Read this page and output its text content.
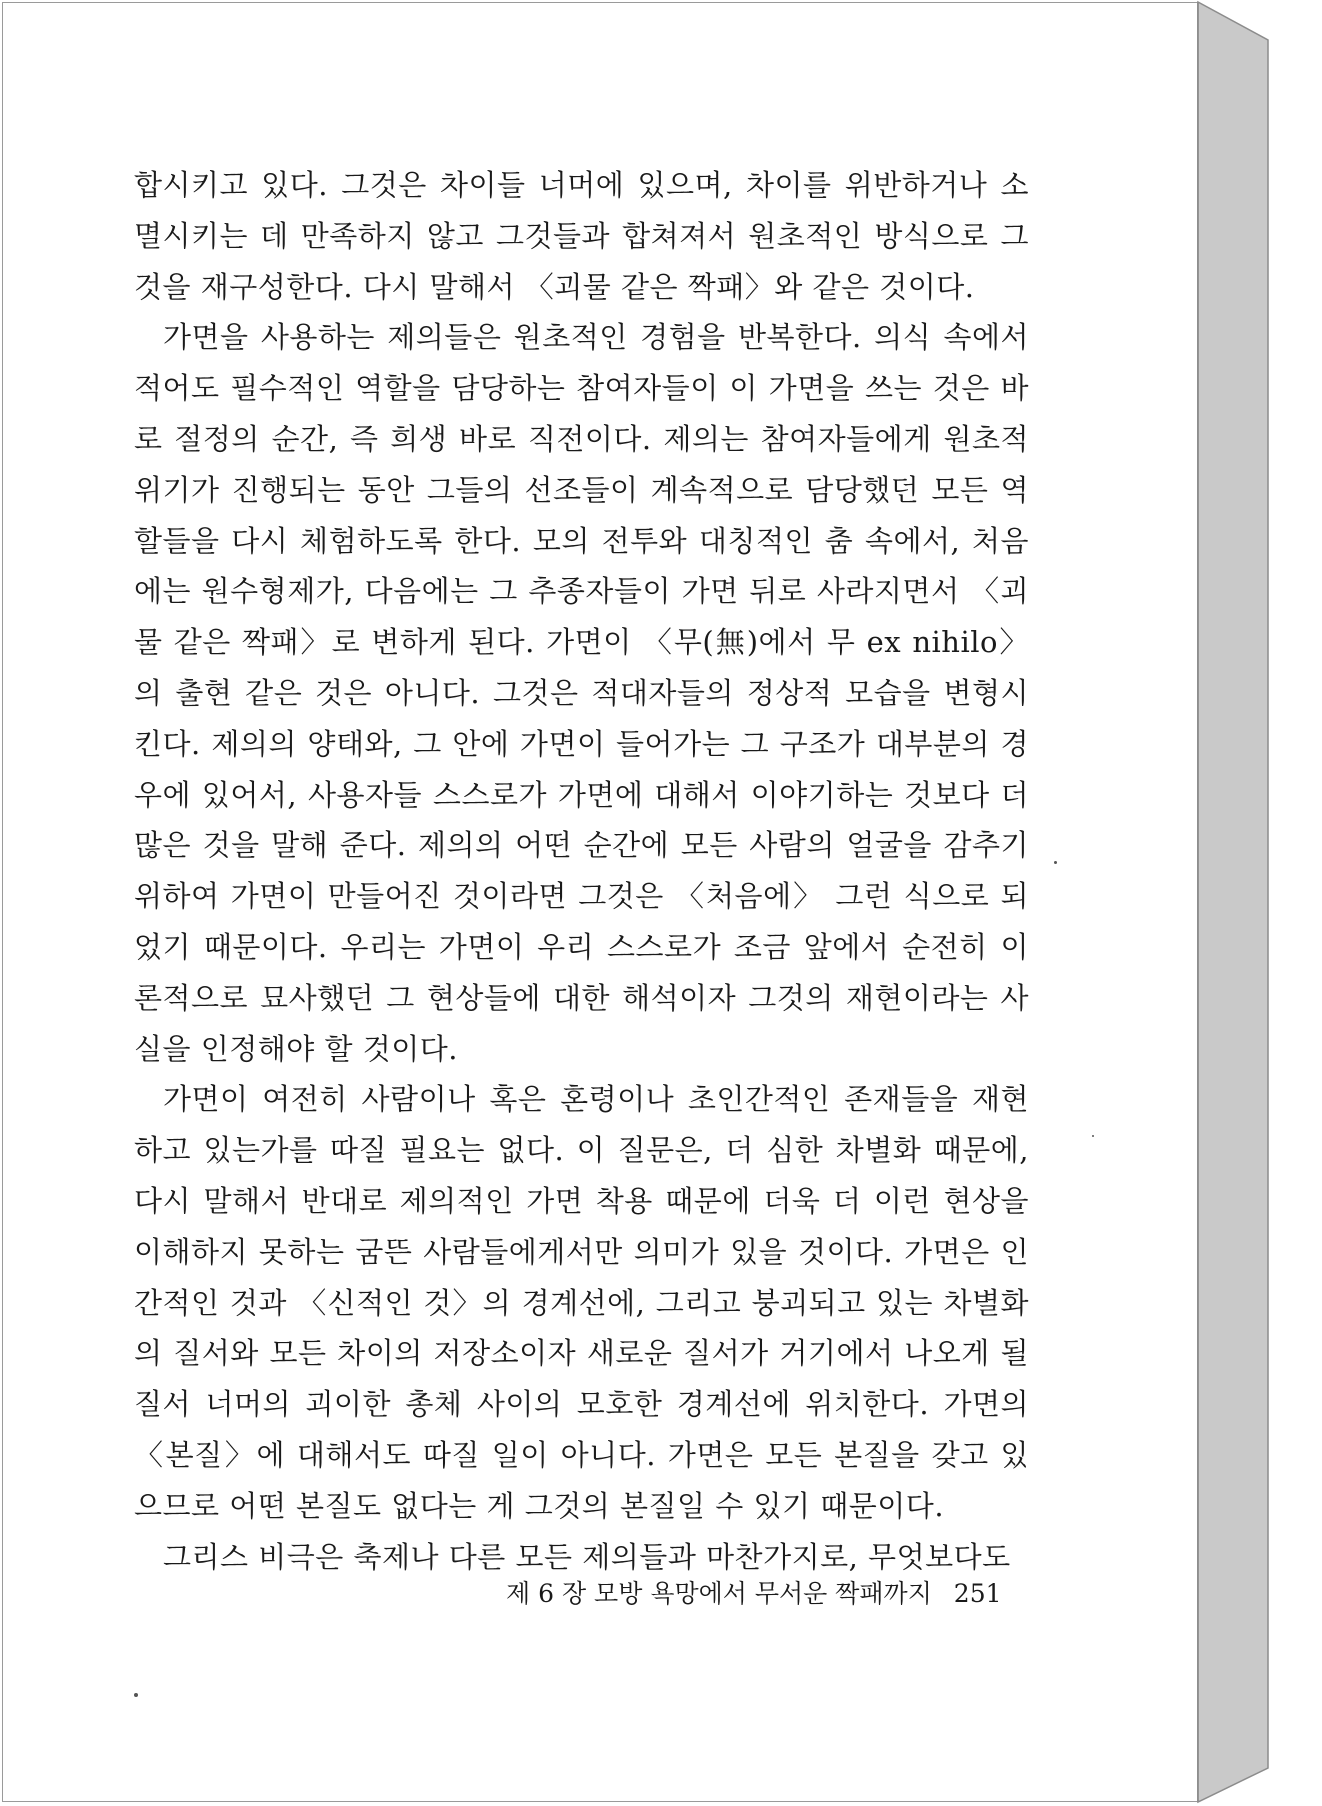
합시키고 있다. 그것은 차이들 너머에 있으며, 차이를 위반하거나 소멸시키는 데 만족하지 않고 그것들과 합쳐져서 원초적인 방식으로 그것을 재구성한다. 다시 말해서 〈괴물 같은 짝패〉와 같은 것이다.

가면을 사용하는 제의들은 원초적인 경험을 반복한다. 의식 속에서 적어도 필수적인 역할을 담당하는 참여자들이 이 가면을 쓰는 것은 바로 절정의 순간, 즉 희생 바로 직전이다. 제의는 참여자들에게 원초적 위기가 진행되는 동안 그들의 선조들이 계속적으로 담당했던 모든 역할들을 다시 체험하도록 한다. 모의 전투와 대칭적인 춤 속에서, 처음에는 원수형제가, 다음에는 그 추종자들이 가면 뒤로 사라지면서 〈괴물 같은 짝패〉로 변하게 된다. 가면이 〈무(無)에서 무 ex nihilo〉의 출현 같은 것은 아니다. 그것은 적대자들의 정상적 모습을 변형시킨다. 제의의 양태와, 그 안에 가면이 들어가는 그 구조가 대부분의 경우에 있어서, 사용자들 스스로가 가면에 대해서 이야기하는 것보다 더 많은 것을 말해 준다. 제의의 어떤 순간에 모든 사람의 얼굴을 감추기 위하여 가면이 만들어진 것이라면 그것은 〈처음에〉 그런 식으로 되었기 때문이다. 우리는 가면이 우리 스스로가 조금 앞에서 순전히 이론적으로 묘사했던 그 현상들에 대한 해석이자 그것의 재현이라는 사실을 인정해야 할 것이다.

가면이 여전히 사람이나 혹은 혼령이나 초인간적인 존재들을 재현하고 있는가를 따질 필요는 없다. 이 질문은, 더 심한 차별화 때문에, 다시 말해서 반대로 제의적인 가면 착용 때문에 더욱 더 이런 현상을 이해하지 못하는 굼뜬 사람들에게서만 의미가 있을 것이다. 가면은 인간적인 것과 〈신적인 것〉의 경계선에, 그리고 붕괴되고 있는 차별화의 질서와 모든 차이의 저장소이자 새로운 질서가 거기에서 나오게 될 질서 너머의 괴이한 총체 사이의 모호한 경계선에 위치한다. 가면의 〈본질〉에 대해서도 따질 일이 아니다. 가면은 모든 본질을 갖고 있으므로 어떤 본질도 없다는 게 그것의 본질일 수 있기 때문이다.

그리스 비극은 축제나 다른 모든 제의들과 마찬가지로, 무엇보다도

제 6 장 모방 욕망에서 무서운 짝패까지 251
